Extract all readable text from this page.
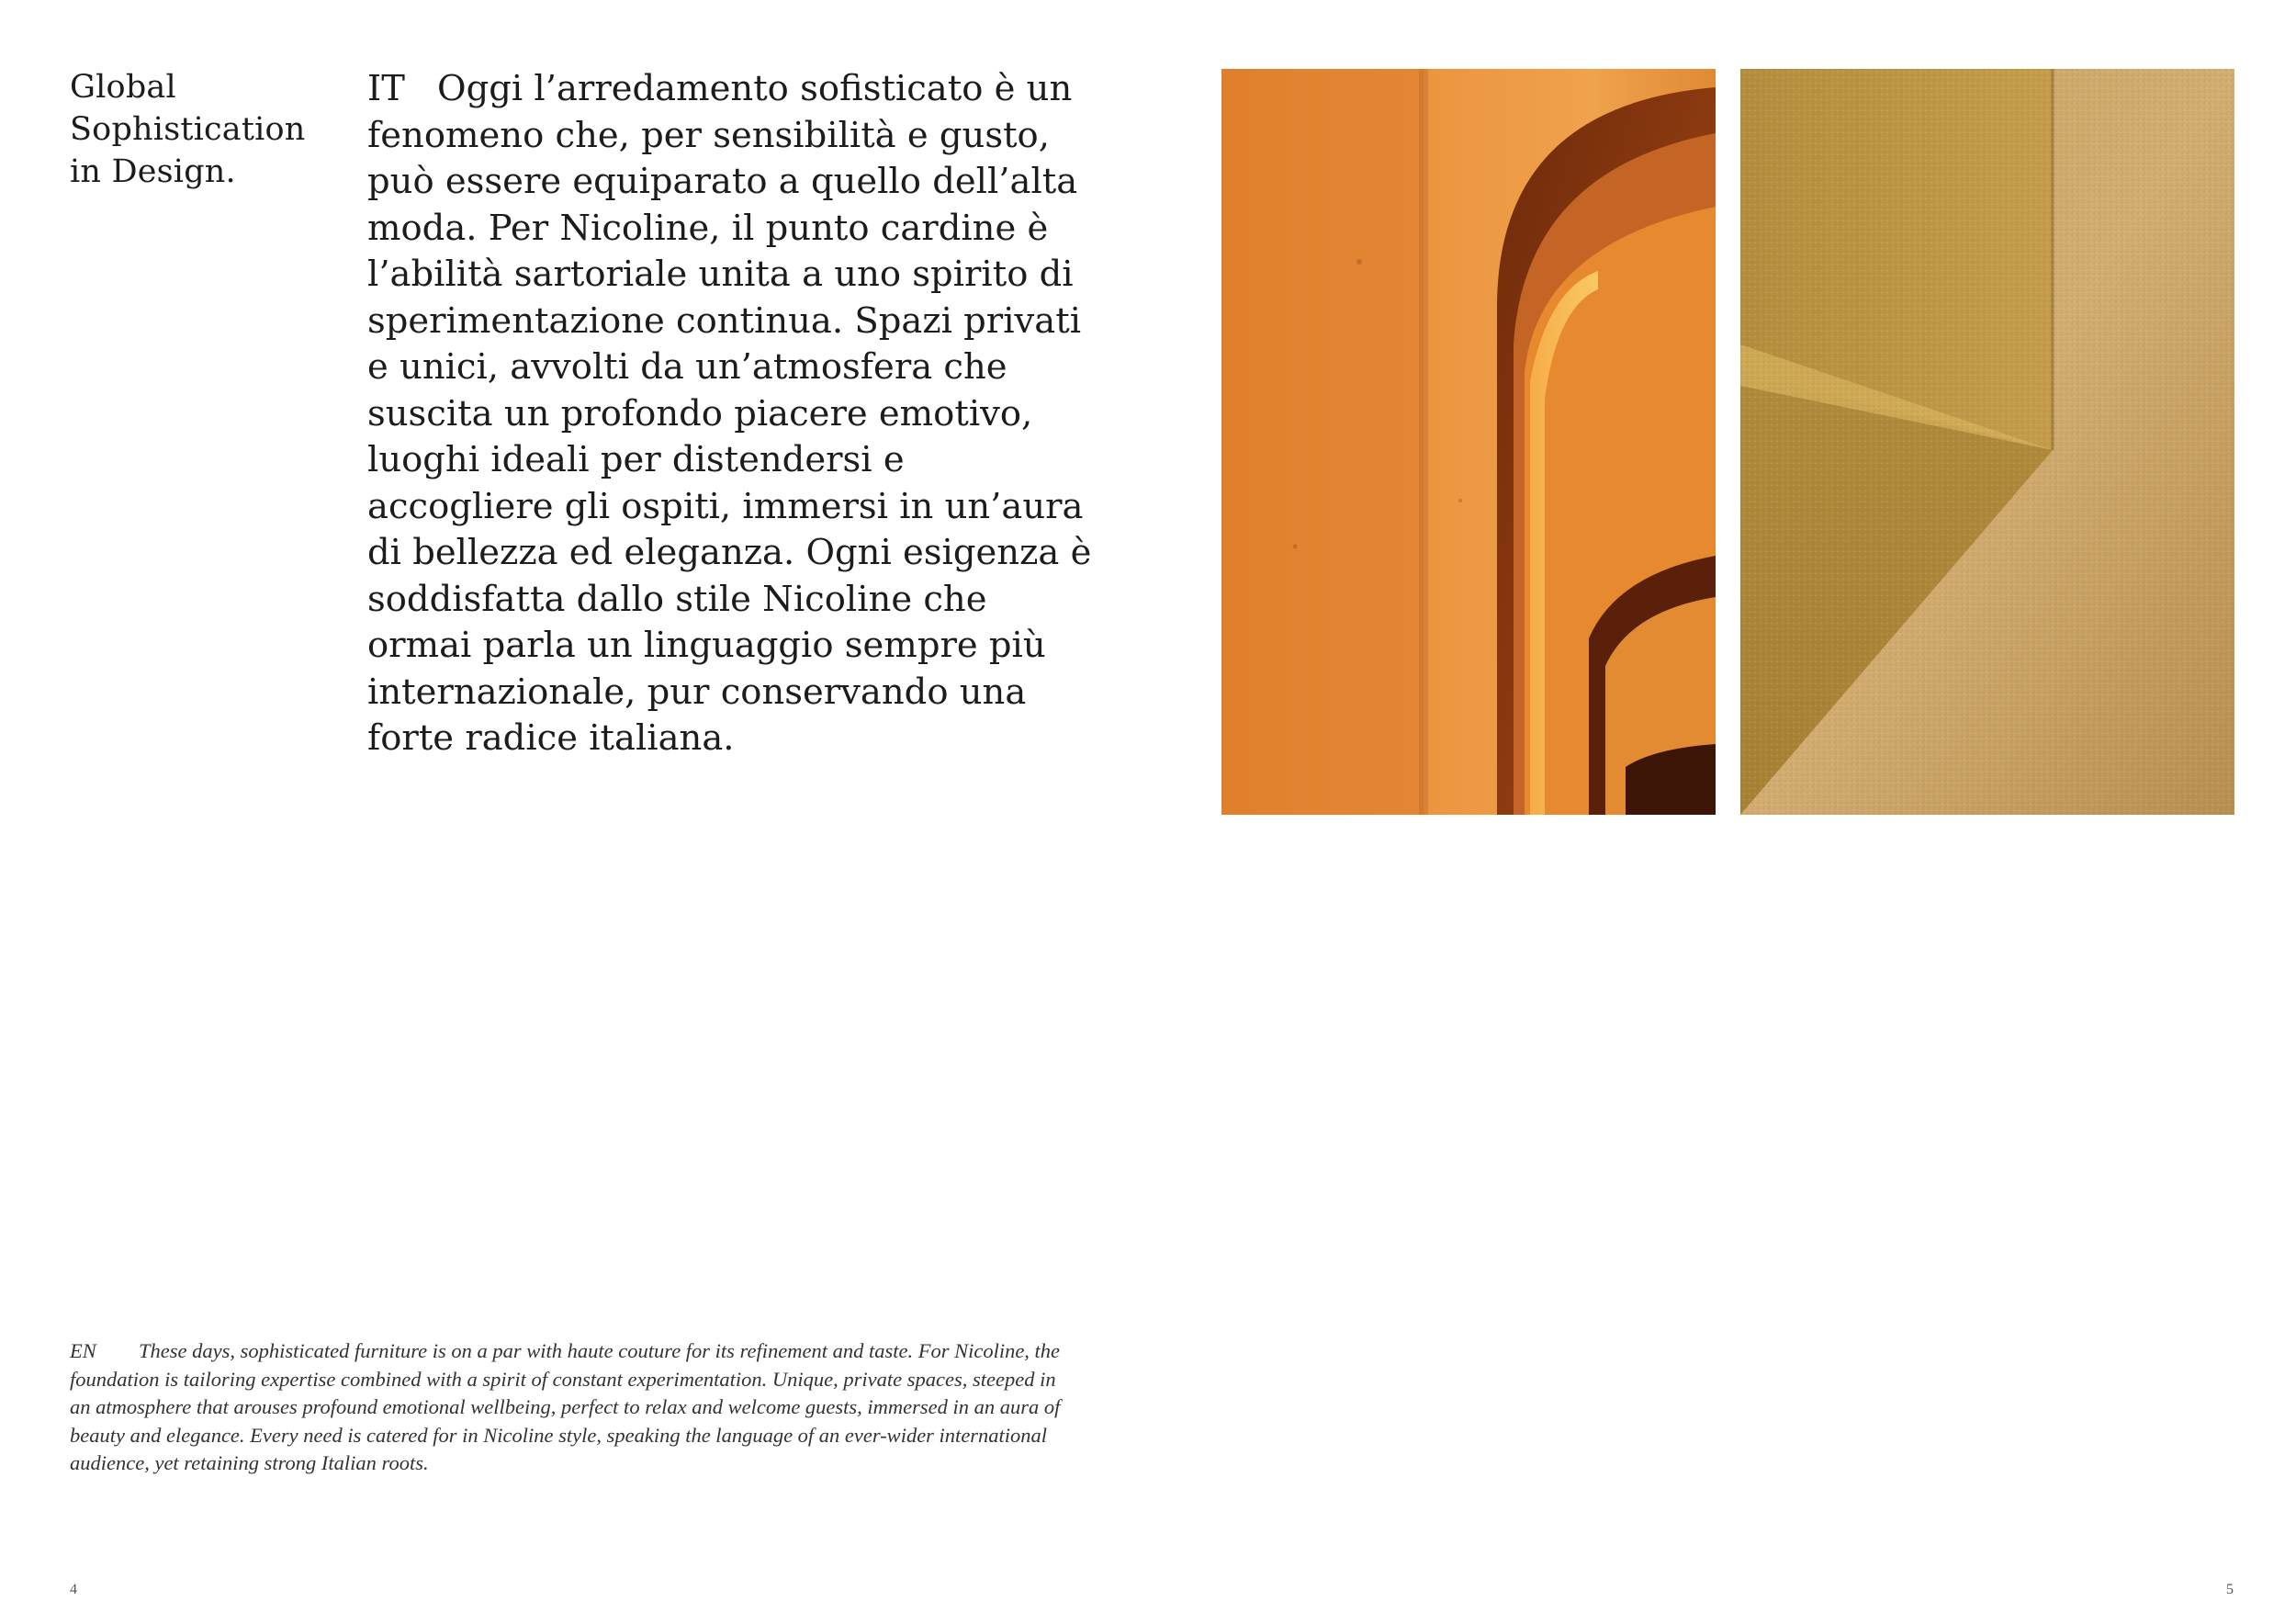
Global
Sophistication
in Design.

IT Oggi l’arredamento sofisticato è un fenomeno che, per sensibilità e gusto, può essere equiparato a quello dell’alta moda. Per Nicoline, il punto cardine è l’abilità sartoriale unita a uno spirito di sperimentazione continua. Spazi privati e unici, avvolti da un’atmosfera che suscita un profondo piacere emotivo, luoghi ideali per distendersi e accogliere gli ospiti, immersi in un’aura di bellezza ed eleganza. Ogni esigenza è soddisfatta dallo stile Nicoline che ormai parla un linguaggio sempre più internazionale, pur conservando una forte radice italiana.

EN These days, sophisticated furniture is on a par with haute couture for its refinement and taste. For Nicoline, the foundation is tailoring expertise combined with a spirit of constant experimentation. Unique, private spaces, steeped in an atmosphere that arouses profound emotional wellbeing, perfect to relax and welcome guests, immersed in an aura of beauty and elegance. Every need is catered for in Nicoline style, speaking the language of an ever-wider international audience, yet retaining strong Italian roots.

4	5
